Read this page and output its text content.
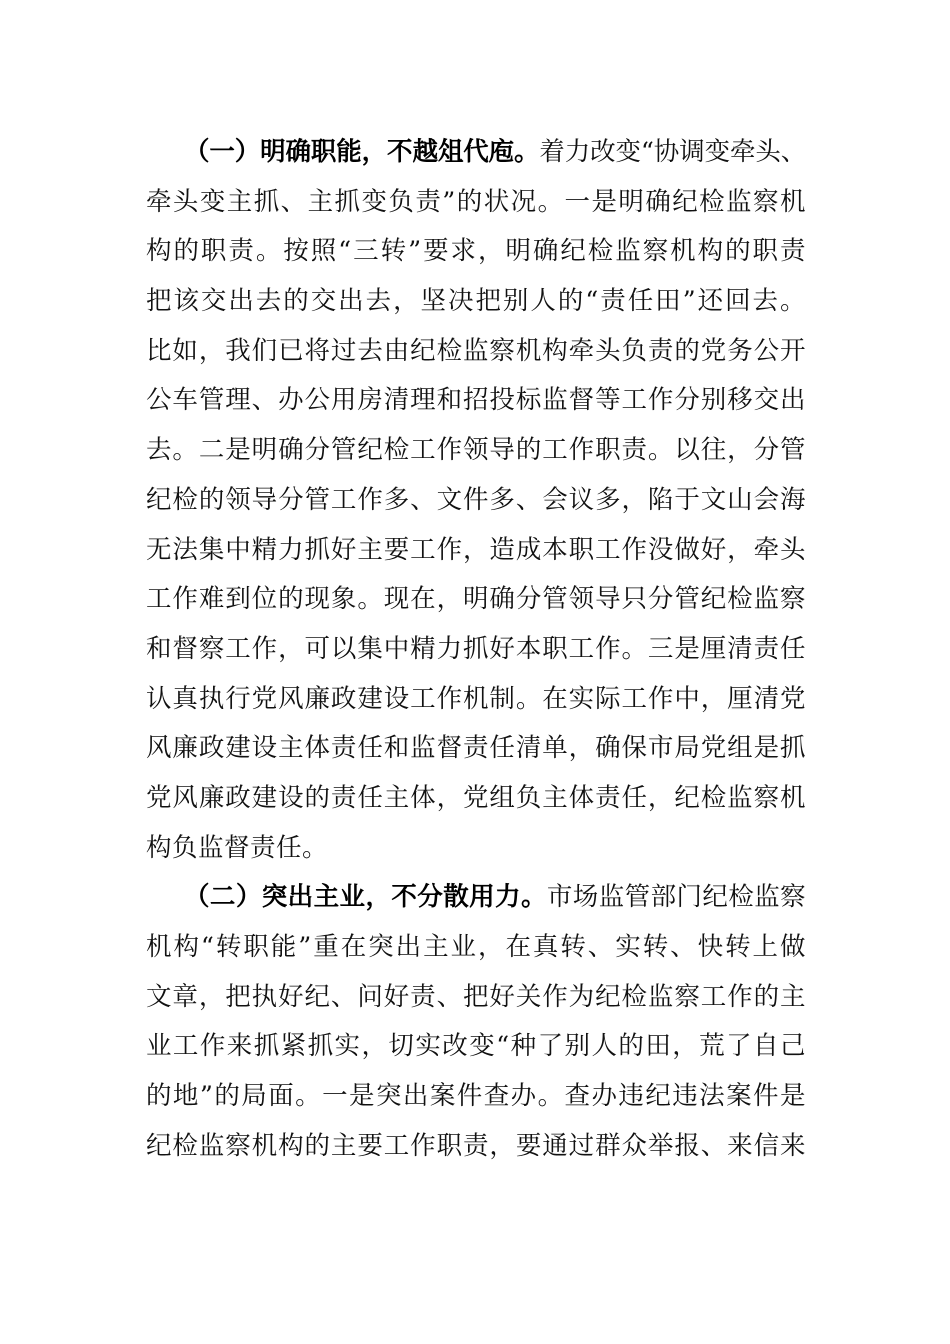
（一）明确职能，不越俎代庖。着力改变“协调变牵头、
牵头变主抓、主抓变负责”的状况。一是明确纪检监察机
构的职责。按照“三转”要求，明确纪检监察机构的职责
把该交出去的交出去，坚决把别人的“责任田”还回去。
比如，我们已将过去由纪检监察机构牵头负责的党务公开
公车管理、办公用房清理和招投标监督等工作分别移交出
去。二是明确分管纪检工作领导的工作职责。以往，分管
纪检的领导分管工作多、文件多、会议多，陷于文山会海
无法集中精力抓好主要工作，造成本职工作没做好，牵头
工作难到位的现象。现在，明确分管领导只分管纪检监察
和督察工作，可以集中精力抓好本职工作。三是厘清责任
认真执行党风廉政建设工作机制。在实际工作中，厘清党
风廉政建设主体责任和监督责任清单，确保市局党组是抓
党风廉政建设的责任主体，党组负主体责任，纪检监察机
构负监督责任。
（二）突出主业，不分散用力。市场监管部门纪检监察
机构“转职能”重在突出主业，在真转、实转、快转上做
文章，把执好纪、问好责、把好关作为纪检监察工作的主
业工作来抓紧抓实，切实改变“种了别人的田，荒了自己
的地”的局面。一是突出案件查办。查办违纪违法案件是
纪检监察机构的主要工作职责，要通过群众举报、来信来
